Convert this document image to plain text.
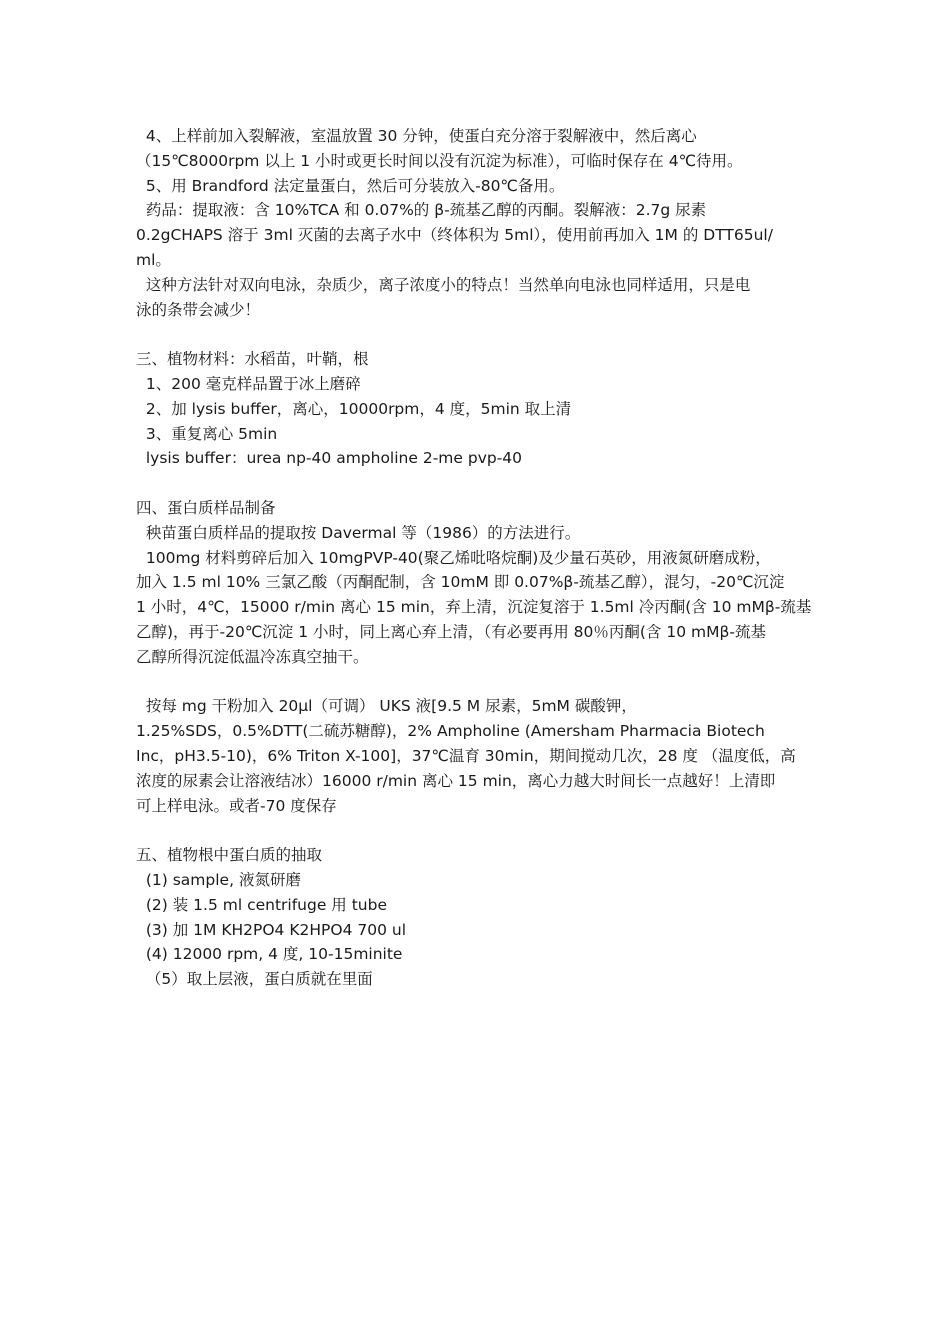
4、上样前加入裂解液，室温放置 30 分钟，使蛋白充分溶于裂解液中，然后离心
（15℃8000rpm 以上 1 小时或更长时间以没有沉淀为标准），可临时保存在 4℃待用。
5、用 Brandford 法定量蛋白，然后可分装放入-80℃备用。
药品：提取液：含 10%TCA 和 0.07%的 β-巯基乙醇的丙酮。裂解液：2.7g 尿素
0.2gCHAPS 溶于 3ml 灭菌的去离子水中（终体积为 5ml），使用前再加入 1M 的 DTT65ul/
ml。
这种方法针对双向电泳，杂质少，离子浓度小的特点！当然单向电泳也同样适用，只是电
泳的条带会减少！
三、植物材料：水稻苗，叶鞘，根
1、200 毫克样品置于冰上磨碎
2、加 lysis buffer，离心，10000rpm，4 度，5min 取上清
3、重复离心 5min
lysis buffer：urea np-40 ampholine 2-me pvp-40
四、蛋白质样品制备
秧苗蛋白质样品的提取按 Davermal 等（1986）的方法进行。
100mg 材料剪碎后加入 10mgPVP-40(聚乙烯吡咯烷酮)及少量石英砂，用液氮研磨成粉，
加入 1.5 ml 10% 三氯乙酸（丙酮配制，含 10mM 即 0.07%β-巯基乙醇），混匀，-20℃沉淀
1 小时，4℃，15000 r/min 离心 15 min，弃上清，沉淀复溶于 1.5ml 冷丙酮(含 10 mMβ-巯基
乙醇)，再于-20℃沉淀 1 小时，同上离心弃上清，（有必要再用 80％丙酮(含 10 mMβ-巯基
乙醇所得沉淀低温冷冻真空抽干。
按每 mg 干粉加入 20μl（可调） UKS 液[9.5 M 尿素，5mM 碳酸钾，
1.25%SDS，0.5%DTT(二硫苏糖醇)，2% Ampholine (Amersham Pharmacia Biotech
Inc，pH3.5-10)，6% Triton X-100]，37℃温育 30min，期间搅动几次，28 度 （温度低，高
浓度的尿素会让溶液结冰）16000 r/min 离心 15 min，离心力越大时间长一点越好！上清即
可上样电泳。或者-70 度保存
五、植物根中蛋白质的抽取
(1) sample, 液氮研磨
(2) 装 1.5 ml centrifuge 用 tube
(3) 加 1M KH2PO4 K2HPO4 700 ul
(4) 12000 rpm, 4 度, 10-15minite
（5）取上层液，蛋白质就在里面
